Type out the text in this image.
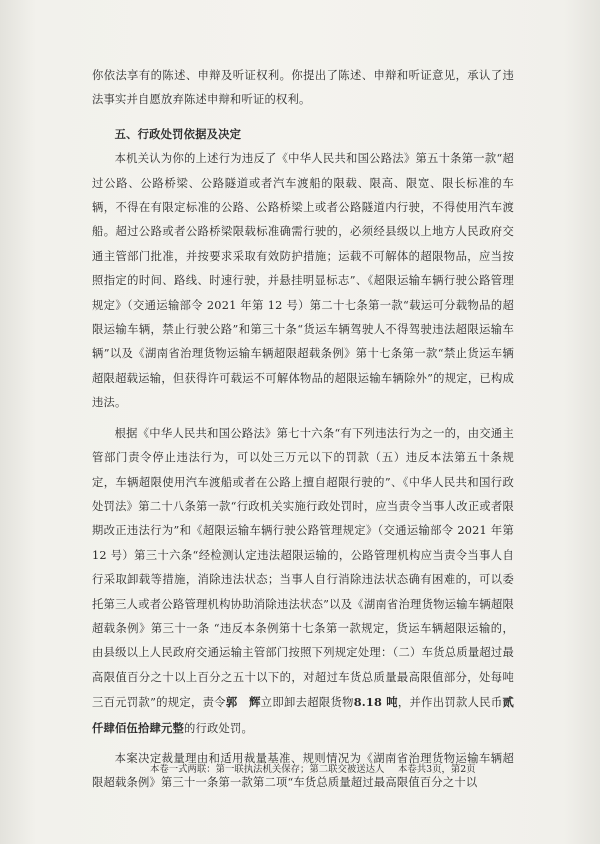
你依法享有的陈述、申辩及听证权利。你提出了陈述、申辩和听证意见，承认了违法事实并自愿放弃陈述申辩和听证的权利。

五、行政处罚依据及决定

本机关认为你的上述行为违反了《中华人民共和国公路法》第五十条第一款“超过公路、公路桥梁、公路隧道或者汽车渡船的限载、限高、限宽、限长标准的车辆，不得在有限定标准的公路、公路桥梁上或者公路隧道内行驶，不得使用汽车渡船。超过公路或者公路桥梁限载标准确需行驶的，必须经县级以上地方人民政府交通主管部门批准，并按要求采取有效防护措施；运载不可解体的超限物品，应当按照指定的时间、路线、时速行驶，并悬挂明显标志”、《超限运输车辆行驶公路管理规定》（交通运输部令 2021 年第 12 号）第二十七条第一款“载运可分载物品的超限运输车辆，禁止行驶公路”和第三十条“货运车辆驾驶人不得驾驶违法超限运输车辆”以及《湖南省治理货物运输车辆超限超载条例》第十七条第一款“禁止货运车辆超限超载运输，但获得许可载运不可解体物品的超限运输车辆除外”的规定，已构成违法。

根据《中华人民共和国公路法》第七十六条“有下列违法行为之一的，由交通主管部门责令停止违法行为，可以处三万元以下的罚款（五）违反本法第五十条规定，车辆超限使用汽车渡船或者在公路上擅自超限行驶的”、《中华人民共和国行政处罚法》第二十八条第一款“行政机关实施行政处罚时，应当责令当事人改正或者限期改正违法行为”和《超限运输车辆行驶公路管理规定》（交通运输部令 2021 年第 12 号）第三十六条“经检测认定违法超限运输的，公路管理机构应当责令当事人自行采取卸载等措施，消除违法状态；当事人自行消除违法状态确有困难的，可以委托第三人或者公路管理机构协助消除违法状态”以及《湖南省治理货物运输车辆超限超载条例》第三十一条 “违反本条例第十七条第一款规定，货运车辆超限运输的，由县级以上人民政府交通运输主管部门按照下列规定处理：（二）车货总质量超过最高限值百分之十以上百分之五十以下的，对超过车货总质量最高限值部分，处每吨三百元罚款”的规定，责令郭　辉立即卸去超限货物8.18 吨，并作出罚款人民币贰仟肆佰伍拾肆元整的行政处罚。

本案决定裁量理由和适用裁量基准、规则情况为《湖南省治理货物运输车辆超限超载条例》第三十一条第一款第二项“车货总质量超过最高限值百分之十以

本卷一式两联：第一联执法机关保存；第二联交被送达人 本卷共3页，第2页
